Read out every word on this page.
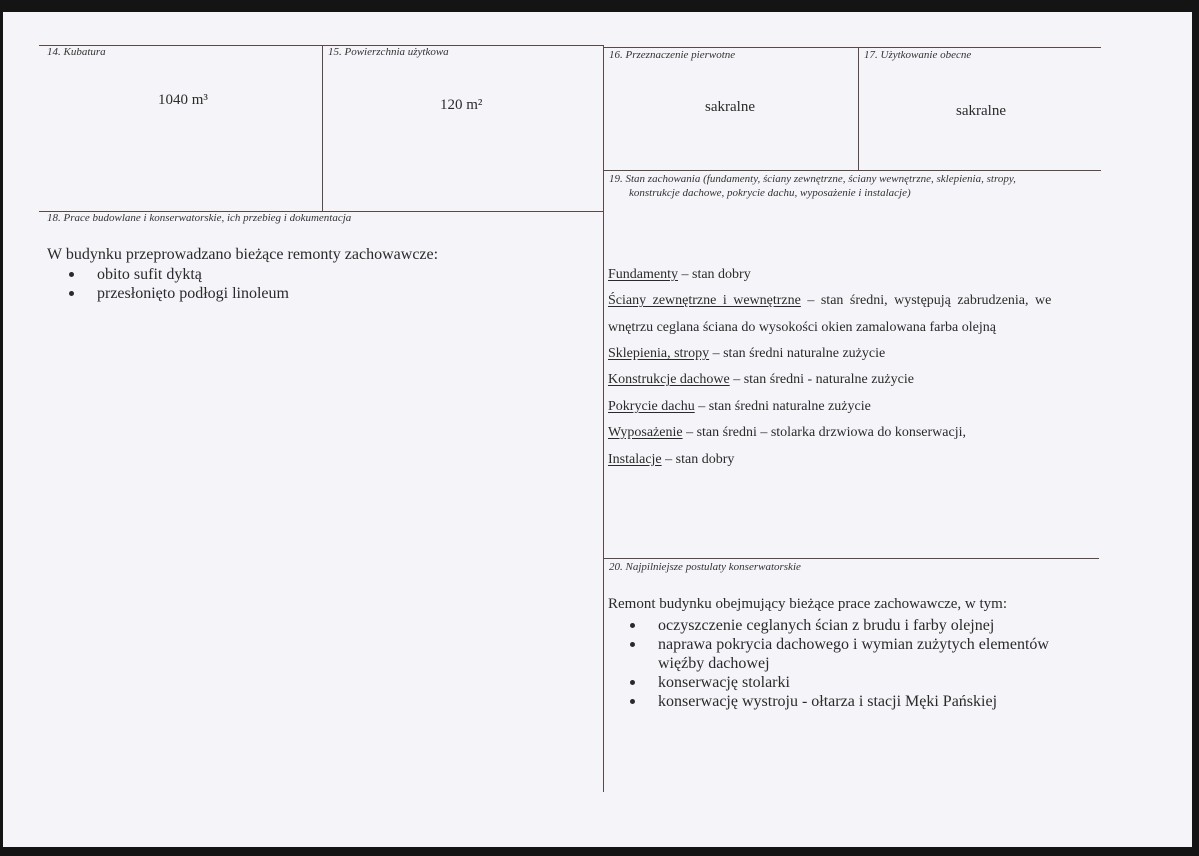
14. Kubatura
1040 m³
15. Powierzchnia użytkowa
120 m²
16. Przeznaczenie pierwotne
sakralne
17. Użytkowanie obecne
sakralne
18. Prace budowlane i konserwatorskie, ich przebieg i dokumentacja
W budynku przeprowadzano bieżące remonty zachowawcze:
obito sufit dyktą
przesłonięto podłogi linoleum
19. Stan zachowania (fundamenty, ściany zewnętrzne, ściany wewnętrzne, sklepienia, stropy,
konstrukcje dachowe, pokrycie dachu, wyposażenie i instalacje)
Fundamenty – stan dobry
Ściany zewnętrzne i wewnętrzne – stan średni, występują zabrudzenia, we
wnętrzu ceglana ściana do wysokości okien zamalowana farba olejną
Sklepienia, stropy – stan średni naturalne zużycie
Konstrukcje dachowe – stan średni - naturalne zużycie
Pokrycie dachu – stan średni naturalne zużycie
Wyposażenie – stan średni – stolarka drzwiowa do konserwacji,
Instalacje – stan dobry
20. Najpilniejsze postulaty konserwatorskie
Remont budynku obejmujący bieżące prace zachowawcze, w tym:
oczyszczenie ceglanych ścian z brudu i farby olejnej
naprawa pokrycia dachowego i wymian zużytych elementów
więźby dachowej
konserwację stolarki
konserwację wystroju - ołtarza i stacji Męki Pańskiej
